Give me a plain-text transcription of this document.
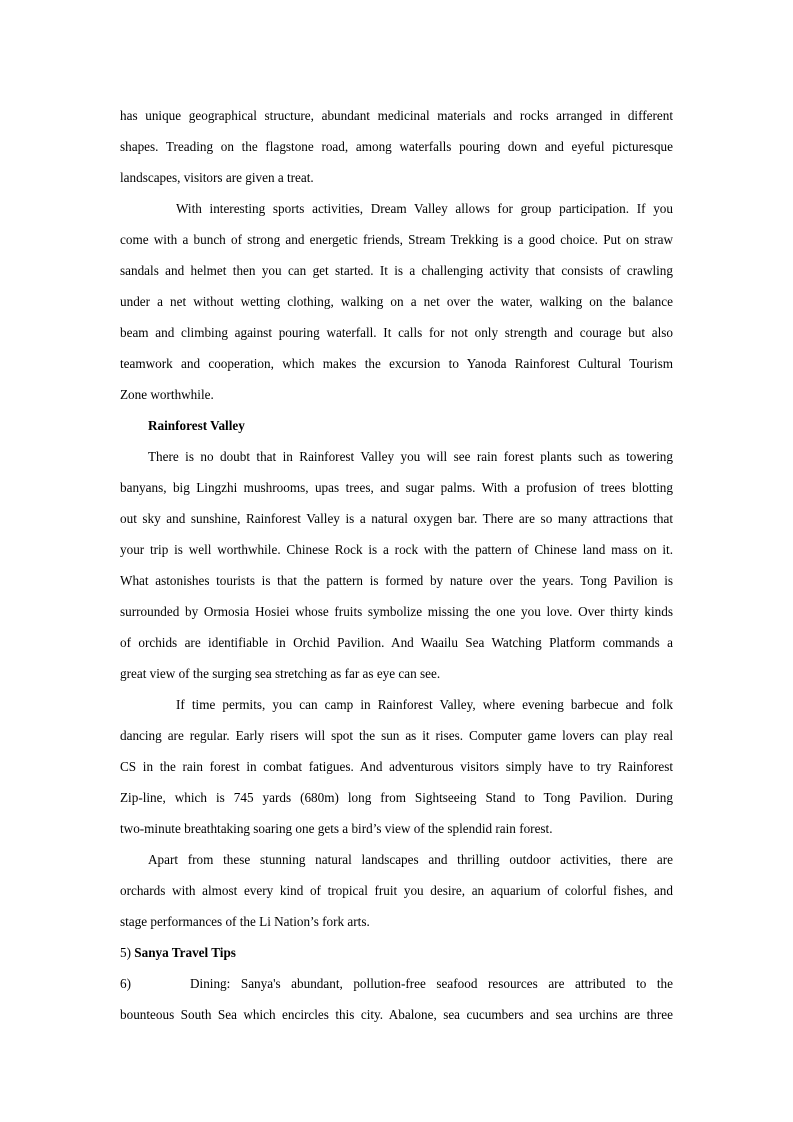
has unique geographical structure, abundant medicinal materials and rocks arranged in different
shapes. Treading on the flagstone road, among waterfalls pouring down and eyeful picturesque
landscapes, visitors are given a treat.
With interesting sports activities, Dream Valley allows for group participation. If you
come with a bunch of strong and energetic friends, Stream Trekking is a good choice. Put on straw
sandals and helmet then you can get started. It is a challenging activity that consists of crawling
under a net without wetting clothing, walking on a net over the water, walking on the balance
beam and climbing against pouring waterfall. It calls for not only strength and courage but also
teamwork and cooperation, which makes the excursion to Yanoda Rainforest Cultural Tourism
Zone worthwhile.
Rainforest Valley
There is no doubt that in Rainforest Valley you will see rain forest plants such as towering
banyans, big Lingzhi mushrooms, upas trees, and sugar palms. With a profusion of trees blotting
out sky and sunshine, Rainforest Valley is a natural oxygen bar. There are so many attractions that
your trip is well worthwhile. Chinese Rock is a rock with the pattern of Chinese land mass on it.
What astonishes tourists is that the pattern is formed by nature over the years. Tong Pavilion is
surrounded by Ormosia Hosiei whose fruits symbolize missing the one you love. Over thirty kinds
of orchids are identifiable in Orchid Pavilion. And Waailu Sea Watching Platform commands a
great view of the surging sea stretching as far as eye can see.
If time permits, you can camp in Rainforest Valley, where evening barbecue and folk
dancing are regular. Early risers will spot the sun as it rises. Computer game lovers can play real
CS in the rain forest in combat fatigues. And adventurous visitors simply have to try Rainforest
Zip-line, which is 745 yards (680m) long from Sightseeing Stand to Tong Pavilion. During
two-minute breathtaking soaring one gets a bird’s view of the splendid rain forest.
Apart from these stunning natural landscapes and thrilling outdoor activities, there are
orchards with almost every kind of tropical fruit you desire, an aquarium of colorful fishes, and
stage performances of the Li Nation’s fork arts.
5) Sanya Travel Tips
6)	Dining: Sanya's abundant, pollution-free seafood resources are attributed to the
bounteous South Sea which encircles this city. Abalone, sea cucumbers and sea urchins are three
